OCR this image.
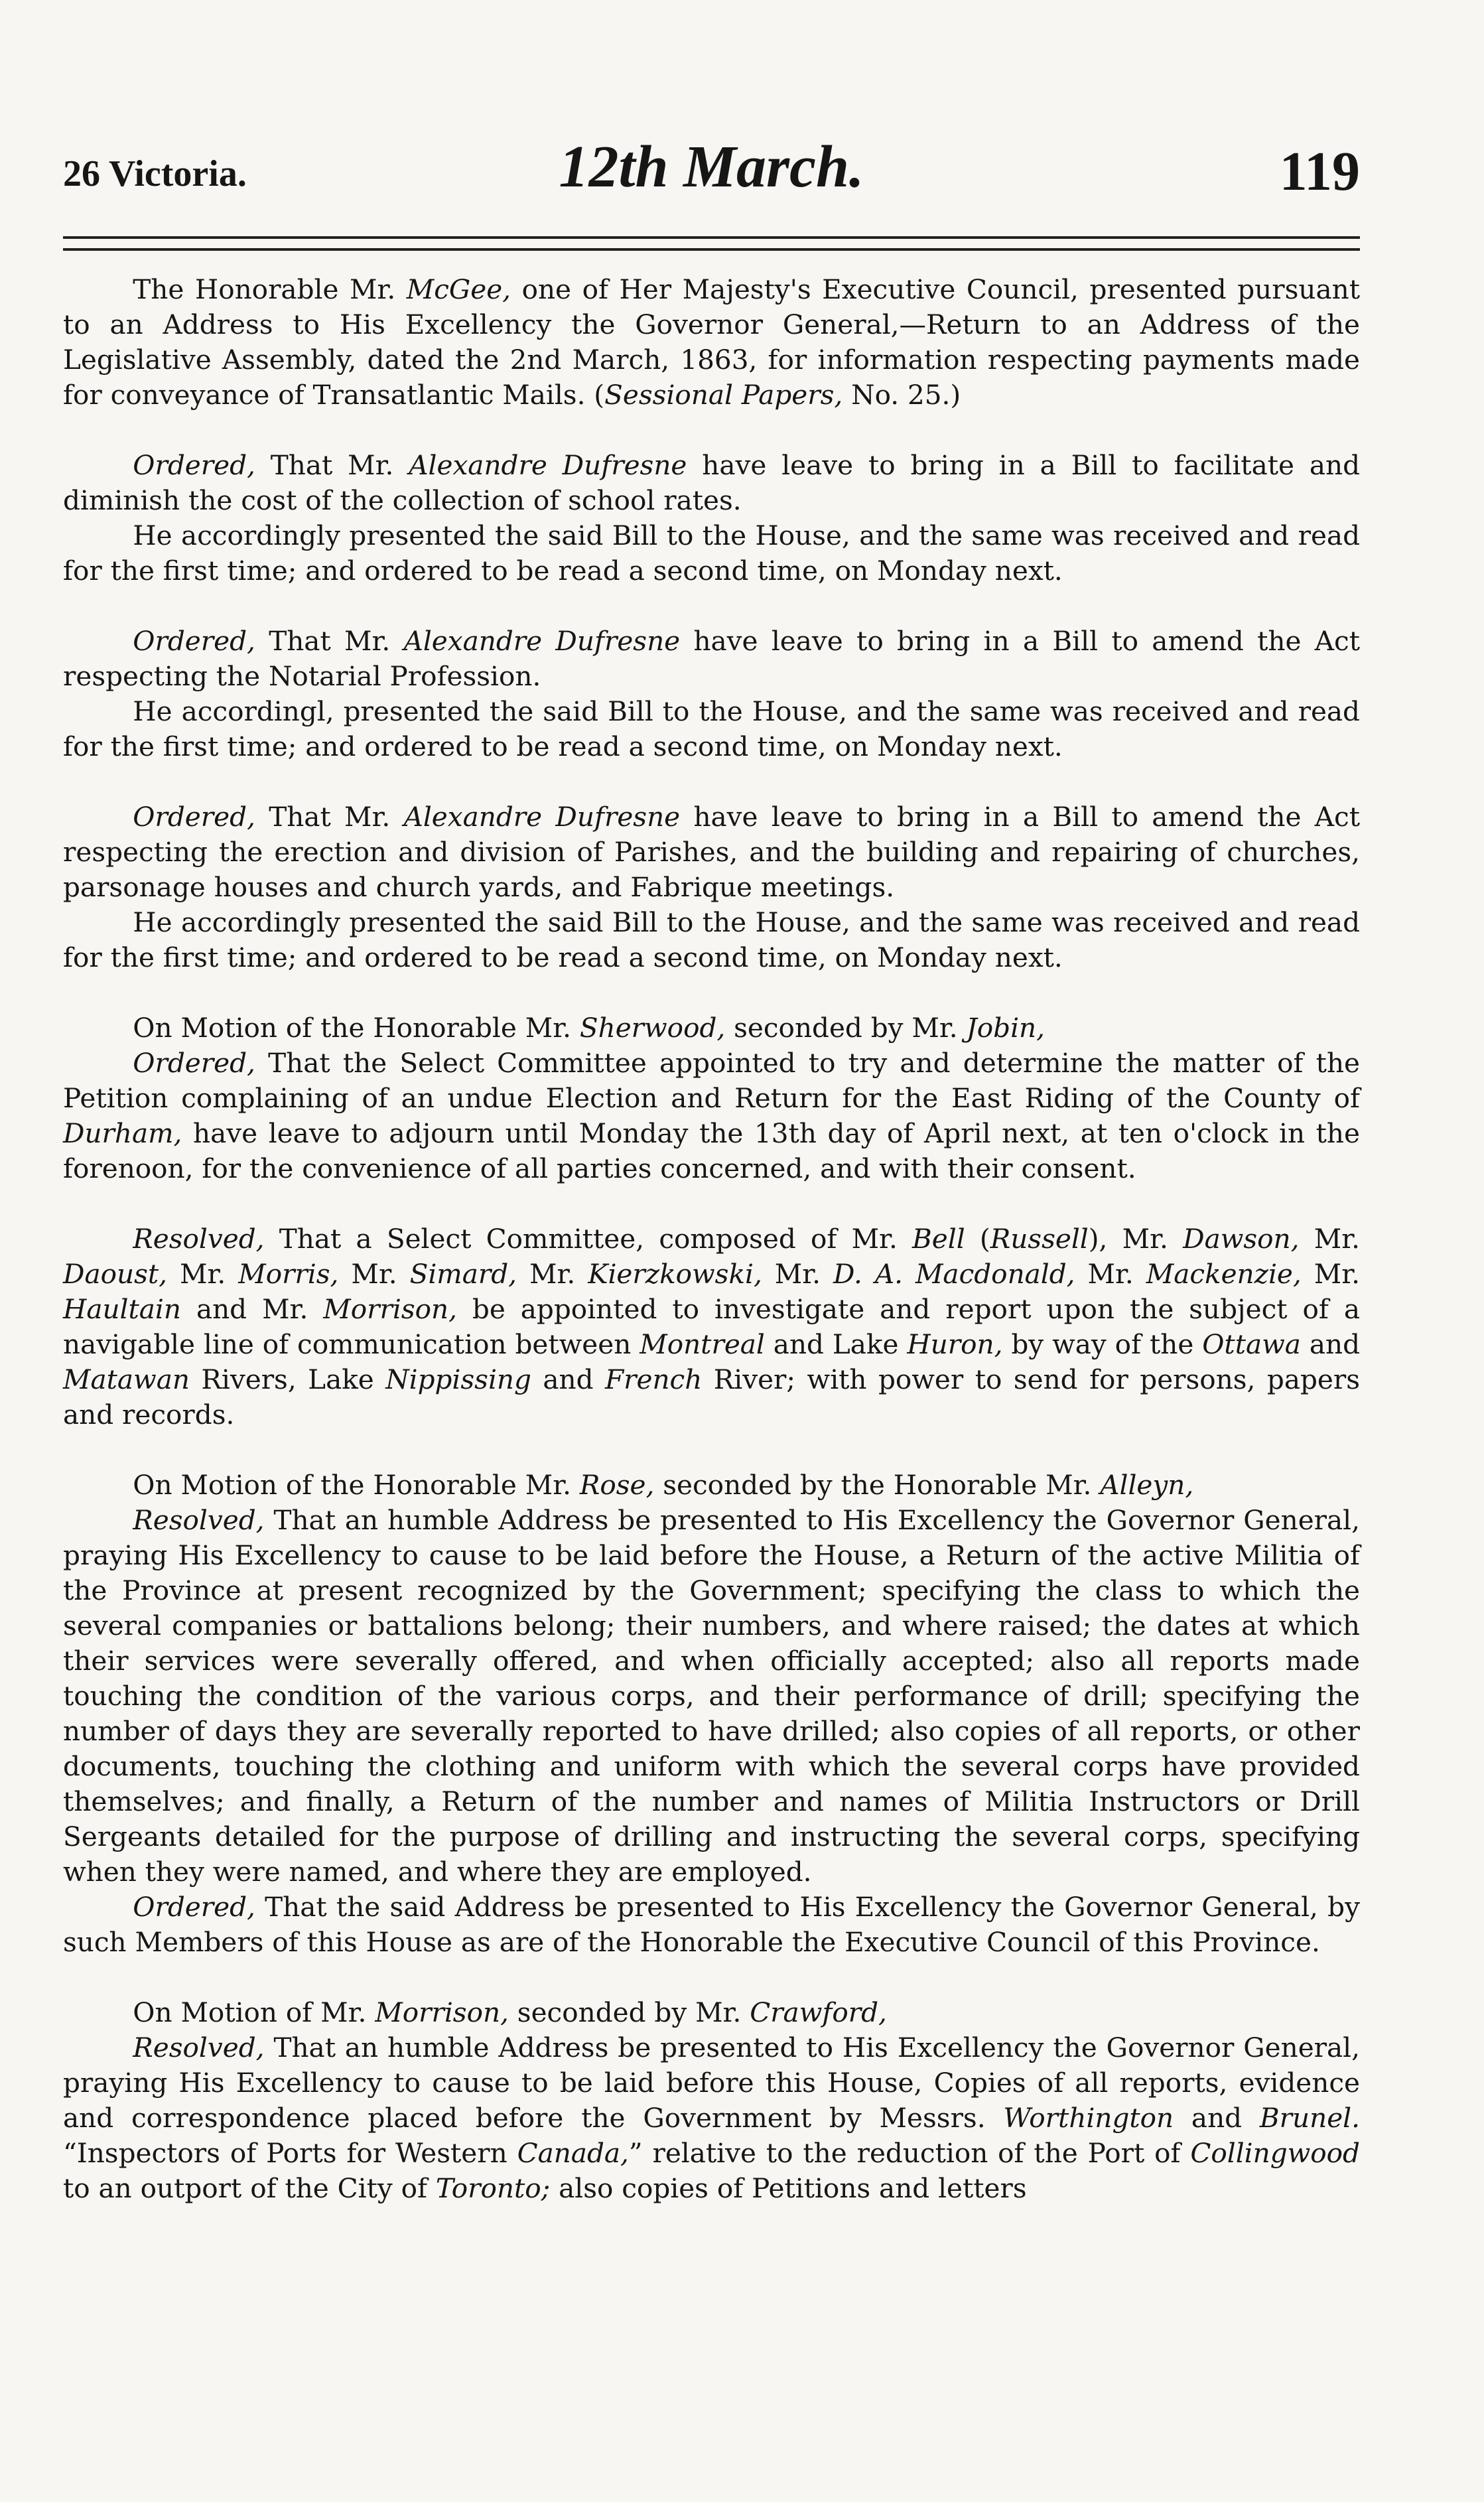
26 Victoria.	12th March.	119

The Honorable Mr. McGee, one of Her Majesty's Executive Council, presented pursuant to an Address to His Excellency the Governor General,—Return to an Address of the Legislative Assembly, dated the 2nd March, 1863, for information respecting payments made for conveyance of Transatlantic Mails. (Sessional Papers, No. 25.)

Ordered, That Mr. Alexandre Dufresne have leave to bring in a Bill to facilitate and diminish the cost of the collection of school rates.

He accordingly presented the said Bill to the House, and the same was received and read for the first time; and ordered to be read a second time, on Monday next.

Ordered, That Mr. Alexandre Dufresne have leave to bring in a Bill to amend the Act respecting the Notarial Profession.

He accordingl, presented the said Bill to the House, and the same was received and read for the first time; and ordered to be read a second time, on Monday next.

Ordered, That Mr. Alexandre Dufresne have leave to bring in a Bill to amend the Act respecting the erection and division of Parishes, and the building and repairing of churches, parsonage houses and church yards, and Fabrique meetings.

He accordingly presented the said Bill to the House, and the same was received and read for the first time; and ordered to be read a second time, on Monday next.

On Motion of the Honorable Mr. Sherwood, seconded by Mr. Jobin,

Ordered, That the Select Committee appointed to try and determine the matter of the Petition complaining of an undue Election and Return for the East Riding of the County of Durham, have leave to adjourn until Monday the 13th day of April next, at ten o'clock in the forenoon, for the convenience of all parties concerned, and with their consent.

Resolved, That a Select Committee, composed of Mr. Bell (Russell), Mr. Dawson, Mr. Daoust, Mr. Morris, Mr. Simard, Mr. Kierzkowski, Mr. D. A. Macdonald, Mr. Mackenzie, Mr. Haultain and Mr. Morrison, be appointed to investigate and report upon the subject of a navigable line of communication between Montreal and Lake Huron, by way of the Ottawa and Matawan Rivers, Lake Nippissing and French River; with power to send for persons, papers and records.

On Motion of the Honorable Mr. Rose, seconded by the Honorable Mr. Alleyn,

Resolved, That an humble Address be presented to His Excellency the Governor General, praying His Excellency to cause to be laid before the House, a Return of the active Militia of the Province at present recognized by the Government; specifying the class to which the several companies or battalions belong; their numbers, and where raised; the dates at which their services were severally offered, and when officially accepted; also all reports made touching the condition of the various corps, and their performance of drill; specifying the number of days they are severally reported to have drilled; also copies of all reports, or other documents, touching the clothing and uniform with which the several corps have provided themselves; and finally, a Return of the number and names of Militia Instructors or Drill Sergeants detailed for the purpose of drilling and instructing the several corps, specifying when they were named, and where they are employed.

Ordered, That the said Address be presented to His Excellency the Governor General, by such Members of this House as are of the Honorable the Executive Council of this Province.

On Motion of Mr. Morrison, seconded by Mr. Crawford,

Resolved, That an humble Address be presented to His Excellency the Governor General, praying His Excellency to cause to be laid before this House, Copies of all reports, evidence and correspondence placed before the Government by Messrs. Worthington and Brunel. “Inspectors of Ports for Western Canada,” relative to the reduction of the Port of Collingwood to an outport of the City of Toronto; also copies of Petitions and letters
